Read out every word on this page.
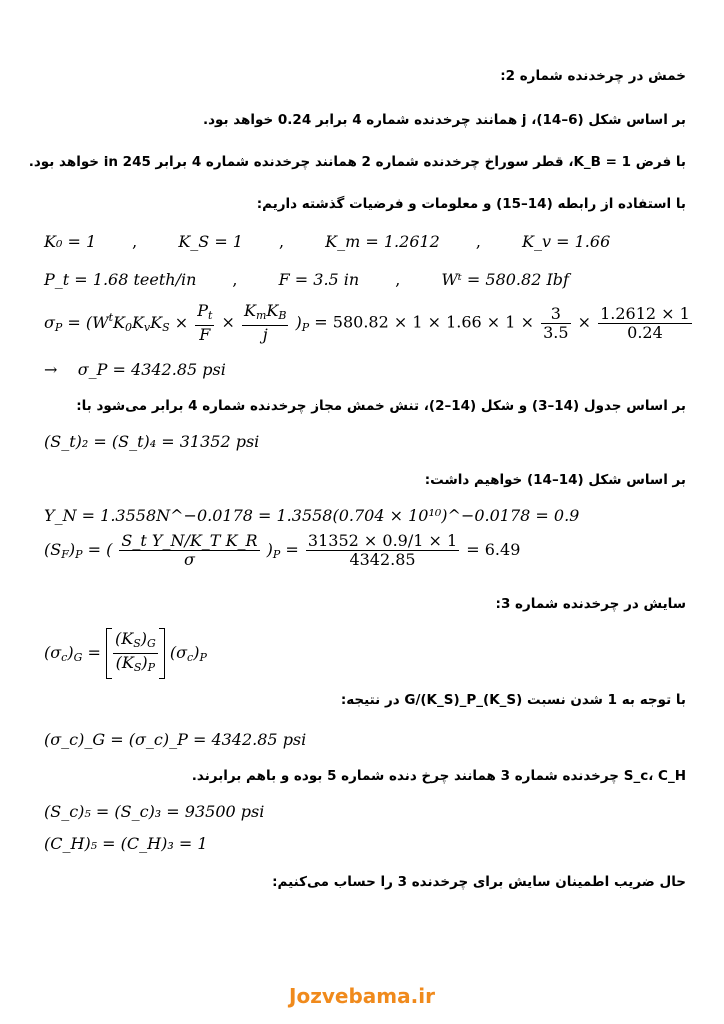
خمش در چرخدنده شماره 2:
بر اساس شکل (6–14)، j همانند چرخدنده شماره 4 برابر 0.24 خواهد بود.
با فرض K_B = 1، قطر سوراخ چرخدنده شماره 2 همانند چرخدنده شماره 4 برابر 245 in خواهد بود.
با استفاده از رابطه (14–15) و معلومات و فرضیات گذشته داریم:
K₀ = 1 ,	K_S = 1 ,	K_m = 1.2612 ,	K_v = 1.66
P_t = 1.68 teeth/in ,	F = 3.5 in ,	Wᵗ = 580.82 Ibf
$\sigma_P = (W^tK_0K_vK_S \times \frac{P_t}{F} \times \frac{K_mK_B}{j} )_P = 580.82 \times 1 \times 1.66 \times 1 \times \frac{3}{3.5} \times \frac{1.2612 \times 1}{0.24}$
→ σ_P = 4342.85 psi
بر اساس جدول (14–3) و شکل (14–2)، تنش خمش مجاز چرخدنده شماره 4 برابر می‌شود با:
(S_t)₂ = (S_t)₄ = 31352 psi
بر اساس شکل (14–14) خواهیم داشت:
Y_N = 1.3558N^−0.0178 = 1.3558(0.704 × 10¹⁰)^−0.0178 = 0.9
$(S_F)_P$ = ( $\frac{\text{S\_t Y\_N/K\_T K\_R}}{\sigma} )_P = \frac{31352 \times 0.9/1 \times 1}{4342.85} = 6.49$
سایش در چرخدنده شماره 3:
$(\sigma_c)_G = \frac{(K_S)_G}{(K_S)_P} (\sigma_c)_P$
با توجه به 1 شدن نسبت (K_S)_G/(K_S)_P در نتیجه:
(σ_c)_G = (σ_c)_P = 4342.85 psi
S_c، C_H چرخدنده شماره 3 همانند چرخ دنده شماره 5 بوده و باهم برابرند.
(S_c)₅ = (S_c)₃ = 93500 psi
(C_H)₅ = (C_H)₃ = 1
حال ضریب اطمینان سایش برای چرخدنده 3 را حساب می‌کنیم:
Jozvebama.ir
